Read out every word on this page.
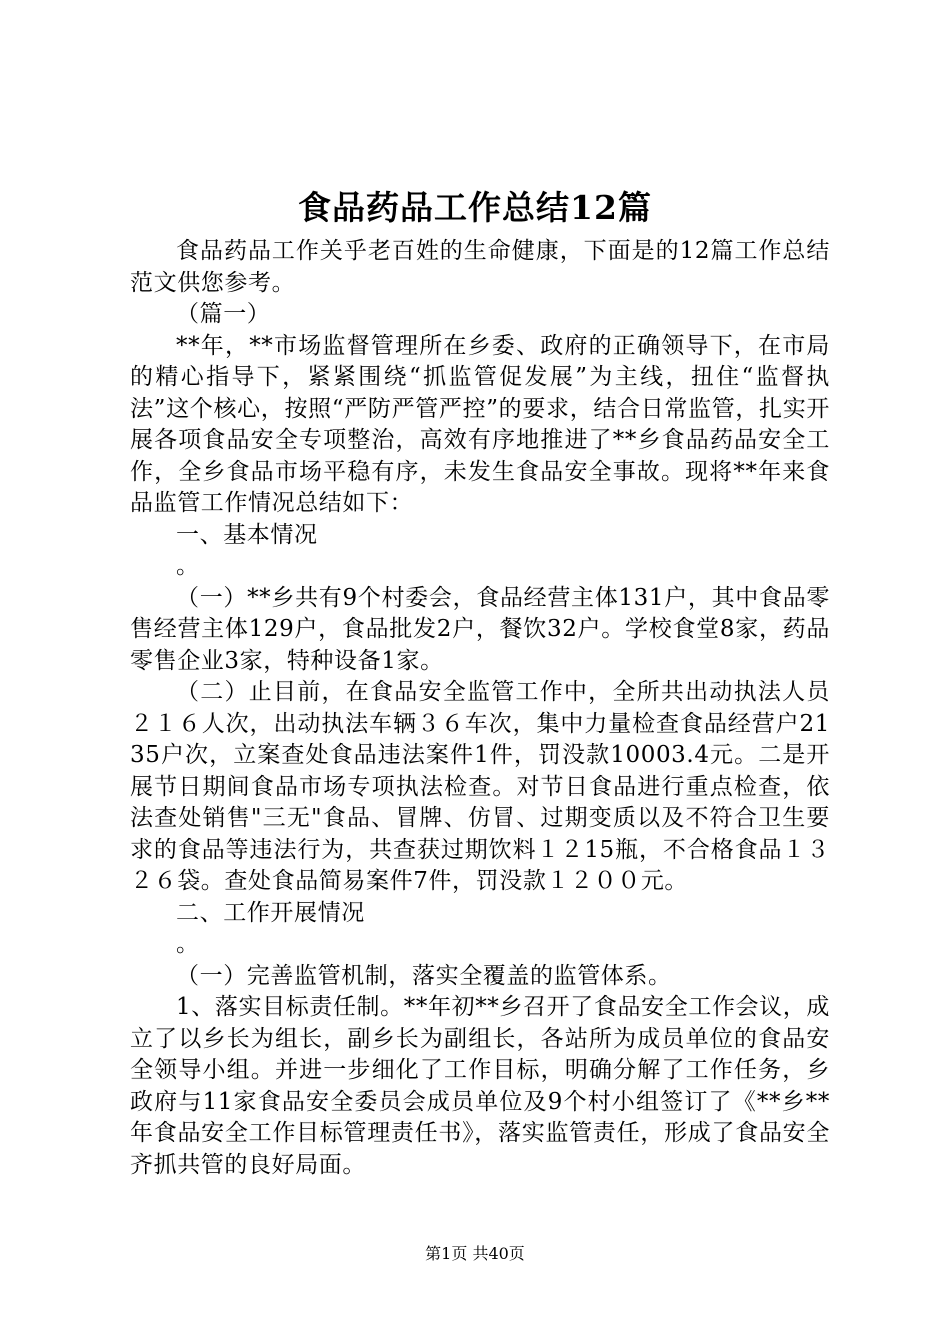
食品药品工作总结12篇

食品药品工作关乎老百姓的生命健康，下面是的12篇工作总结范文供您参考。

（篇一）

**年，**市场监督管理所在乡委、政府的正确领导下，在市局的精心指导下，紧紧围绕“抓监管促发展”为主线，扭住“监督执法”这个核心，按照“严防严管严控”的要求，结合日常监管，扎实开展各项食品安全专项整治，高效有序地推进了**乡食品药品安全工作，全乡食品市场平稳有序，未发生食品安全事故。现将**年来食品监管工作情况总结如下：

一、基本情况

。

（一）**乡共有9个村委会，食品经营主体131户，其中食品零售经营主体129户，食品批发2户，餐饮32户。学校食堂8家，药品零售企业3家，特种设备1家。

（二）止目前，在食品安全监管工作中，全所共出动执法人员２１６人次，出动执法车辆３６车次，集中力量检查食品经营户2135户次，立案查处食品违法案件1件，罚没款10003.4元。二是开展节日期间食品市场专项执法检查。对节日食品进行重点检查，依法查处销售"三无"食品、冒牌、仿冒、过期变质以及不符合卫生要求的食品等违法行为，共查获过期饮料１２15瓶，不合格食品１３２６袋。查处食品简易案件7件，罚没款１２００元。

二、工作开展情况

。

（一）完善监管机制，落实全覆盖的监管体系。

1、落实目标责任制。**年初**乡召开了食品安全工作会议，成立了以乡长为组长，副乡长为副组长，各站所为成员单位的食品安全领导小组。并进一步细化了工作目标，明确分解了工作任务，乡政府与11家食品安全委员会成员单位及9个村小组签订了《**乡**年食品安全工作目标管理责任书》，落实监管责任，形成了食品安全齐抓共管的良好局面。

第1页 共40页
